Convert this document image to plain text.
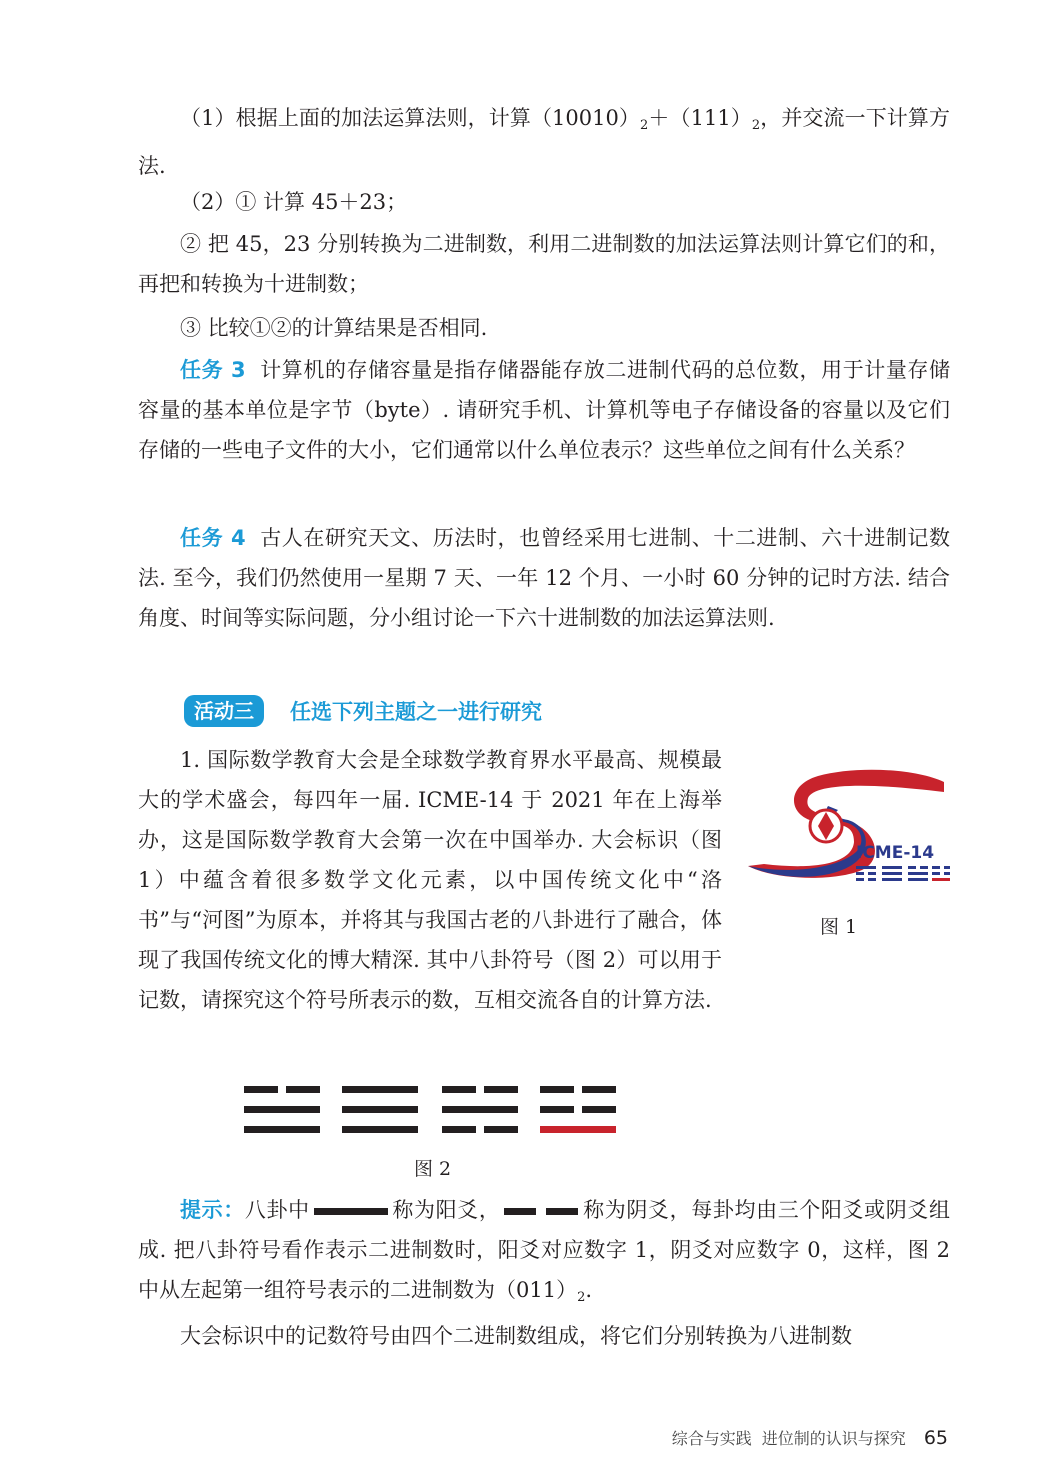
（1）根据上面的加法运算法则，计算$(10010)_2+(111)_2$，并交流一下计算方法.

（2）① 计算 45＋23；

② 把 45，23 分别转换为二进制数，利用二进制数的加法运算法则计算它们的和，再把和转换为十进制数；

③ 比较①②的计算结果是否相同.

任务 3 计算机的存储容量是指存储器能存放二进制代码的总位数，用于计量存储容量的基本单位是字节（byte）. 请研究手机、计算机等电子存储设备的容量以及它们存储的一些电子文件的大小，它们通常以什么单位表示？这些单位之间有什么关系？

任务 4 古人在研究天文、历法时，也曾经采用七进制、十二进制、六十进制记数法. 至今，我们仍然使用一星期 7 天、一年 12 个月、一小时 60 分钟的记时方法. 结合角度、时间等实际问题，分小组讨论一下六十进制数的加法运算法则.

活动三	任选下列主题之一进行研究

1. 国际数学教育大会是全球数学教育界水平最高、规模最大的学术盛会，每四年一届. ICME-14 于 2021 年在上海举办，这是国际数学教育大会第一次在中国举办. 大会标识（图 1）中蕴含着很多数学文化元素，以中国传统文化中“洛书”与“河图”为原本，并将其与我国古老的八卦进行了融合，体现了我国传统文化的博大精深. 其中八卦符号（图 2）可以用于记数，请探究这个符号所表示的数，互相交流各自的计算方法.

ICME-14
图 1
图 2

提示：八卦中	称为阳爻，	称为阴爻，每卦均由三个阳爻或阴爻组成. 把八卦符号看作表示二进制数时，阳爻对应数字 1，阴爻对应数字 0，这样，图 2 中从左起第一组符号表示的二进制数为$(011)_2$.

大会标识中的记数符号由四个二进制数组成，将它们分别转换为八进制数

综合与实践 进位制的认识与探究 65
